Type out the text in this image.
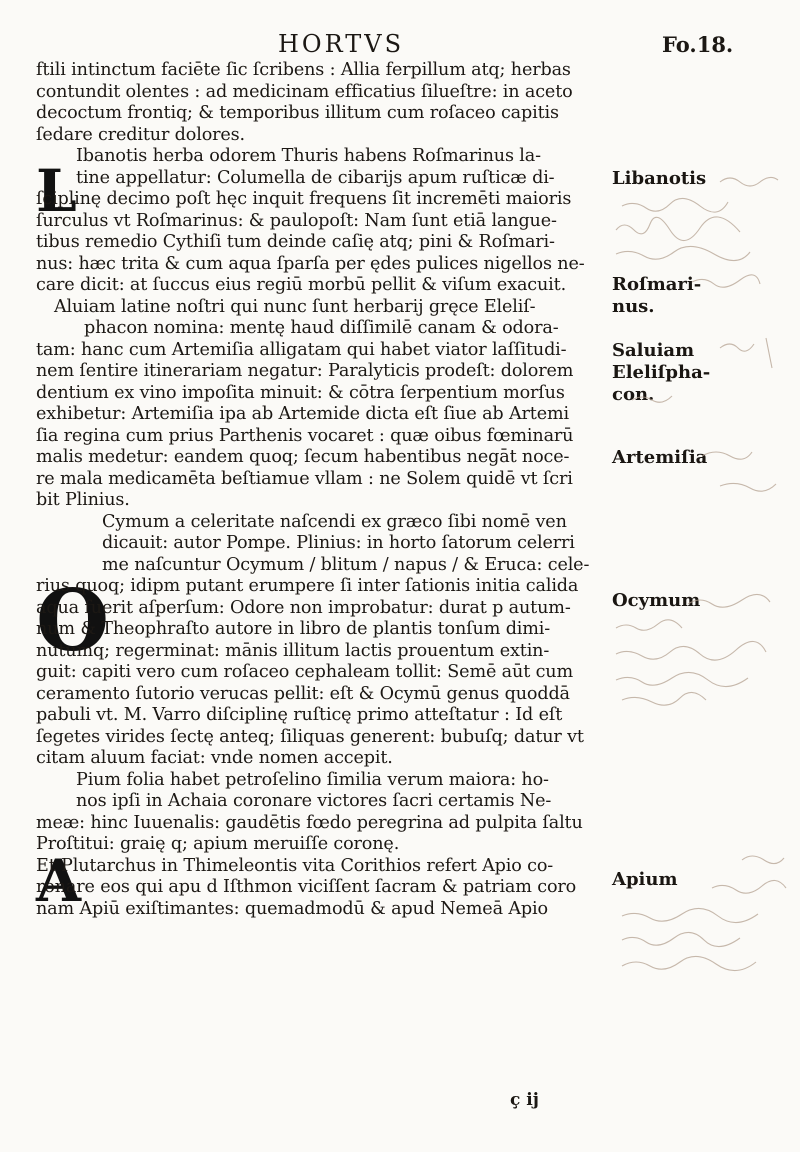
HORTVS	Fo.18.
L
O
A
ftili intinctum faciēte ſic ſcribens : Allia ferpillum atq; herbas
contundit olentes : ad medicinam efficatius ſilueſtre: in aceto
decoctum frontiq; & temporibus illitum cum roſaceo capitis
ſedare creditur dolores.
Ibanotis herba odorem Thuris habens Roſmarinus la-
tine appellatur: Columella de cibarijs apum ruſticæ di-
ſciplinę decimo poſt hęc inquit frequens ſit incremēti maioris
ſurculus vt Roſmarinus: & paulopoſt: Nam ſunt etiā langue-
tibus remedio Cythiſi tum deinde caſię atq; pini & Roſmari-
nus: hæc trita & cum aqua ſparſa per ędes pulices nigellos ne-
care dicit: at ſuccus eius regiū morbū pellit & viſum exacuit.
Aluiam latine noſtri qui nunc ſunt herbarij gręce Eleliſ-
phacon nomina: mentę haud diſſimilē canam & odora-
tam: hanc cum Artemiſia alligatam qui habet viator laſſitudi-
nem ſentire itinerariam negatur: Paralyticis prodeſt: dolorem
dentium ex vino impoſita minuit: & cōtra ſerpentium morſus
exhibetur: Artemiſia ipa ab Artemide dicta eſt ſiue ab Artemi
ſia regina cum prius Parthenis vocaret : quæ oibus fœminarū
malis medetur: eandem quoq; ſecum habentibus negāt noce-
re mala medicamēta beſtiamue vllam : ne Solem quidē vt ſcri
bit Plinius.
Cymum a celeritate naſcendi ex græco ſibi nomē ven
dicauit: autor Pompe. Plinius: in horto ſatorum celerri
me naſcuntur Ocymum / blitum / napus / & Eruca: cele-
rius quoq; idipm putant erumpere ſi inter ſationis initia calida
aqua fuerit aſperſum: Odore non improbatur: durat p autum-
num & Theophraſto autore in libro de plantis tonſum dimi-
nutumq; regerminat: mānis illitum lactis prouentum extin-
guit: capiti vero cum roſaceo cephaleam tollit: Semē aūt cum
ceramento ſutorio verucas pellit: eſt & Ocymū genus quoddā
pabuli vt. M. Varro diſciplinę ruſticę primo atteſtatur : Id eſt
ſegetes virides ſectę anteq; ſiliquas generent: bubuſq; datur vt
citam aluum faciat: vnde nomen accepit.
Pium folia habet petroſelino ſimilia verum maiora: ho-
nos ipſi in Achaia coronare victores ſacri certamis Ne-
meæ: hinc Iuuenalis: gaudētis fœdo peregrina ad pulpita ſaltu
Proſtitui: graię q; apium meruiſſe coronę.
Et Plutarchus in Thimeleontis vita Corithios refert Apio co-
ronare eos qui apu d Iſthmon viciſſent ſacram & patriam coro
nam Apiū exiſtimantes: quemadmodū & apud Nemeā Apio
Libanotis
Roſmari-
nus.
Saluiam
Eleliſpha-
con.
Artemiſia
Ocymum
Apium
ç ij
